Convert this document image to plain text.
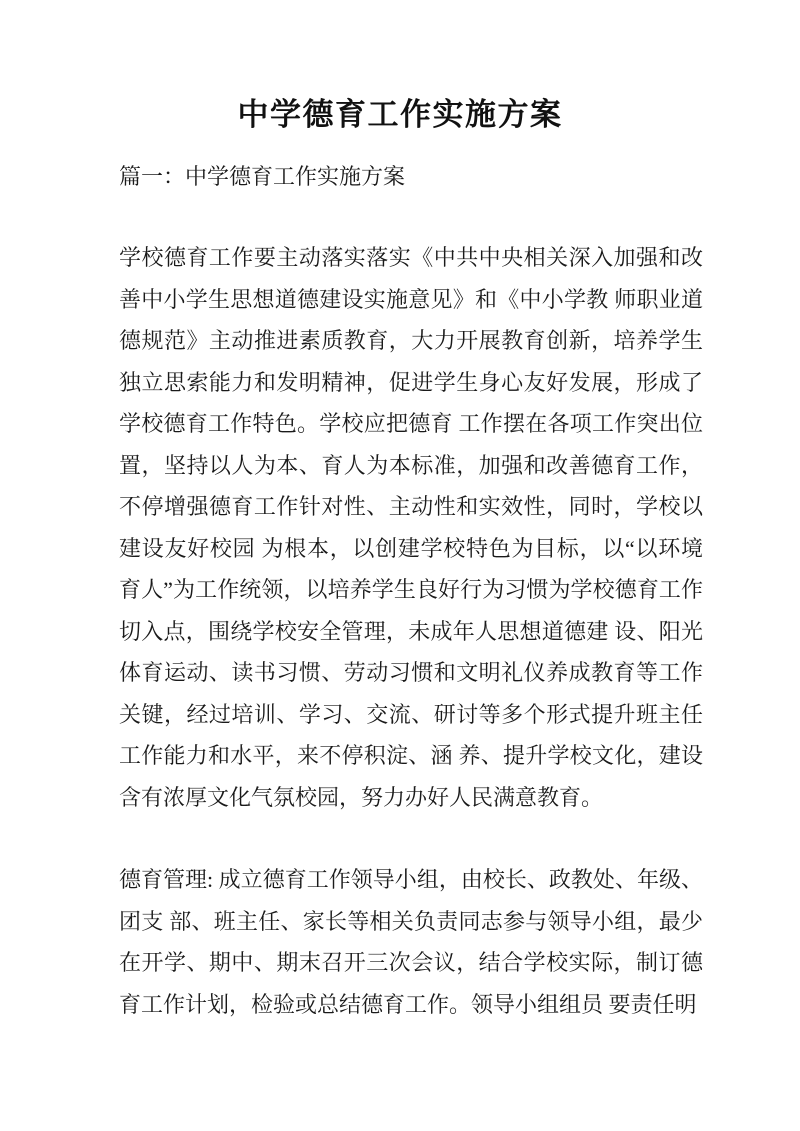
中学德育工作实施方案

篇一：中学德育工作实施方案

学校德育工作要主动落实落实《中共中央相关深入加强和改善中小学生思想道德建设实施意见》和《中小学教 师职业道德规范》主动推进素质教育，大力开展教育创新，培养学生独立思索能力和发明精神，促进学生身心友好发展，形成了学校德育工作特色。学校应把德育 工作摆在各项工作突出位置，坚持以人为本、育人为本标准，加强和改善德育工作，不停增强德育工作针对性、主动性和实效性，同时，学校以建设友好校园 为根本，以创建学校特色为目标，以“以环境育人”为工作统领，以培养学生良好行为习惯为学校德育工作切入点，围绕学校安全管理，未成年人思想道德建 设、阳光体育运动、读书习惯、劳动习惯和文明礼仪养成教育等工作关键，经过培训、学习、交流、研讨等多个形式提升班主任工作能力和水平，来不停积淀、涵 养、提升学校文化，建设含有浓厚文化气氛校园，努力办好人民满意教育。

德育管理: 成立德育工作领导小组，由校长、政教处、年级、团支 部、班主任、家长等相关负责同志参与领导小组，最少在开学、期中、期末召开三次会议，结合学校实际，制订德育工作计划，检验或总结德育工作。领导小组组员 要责任明
